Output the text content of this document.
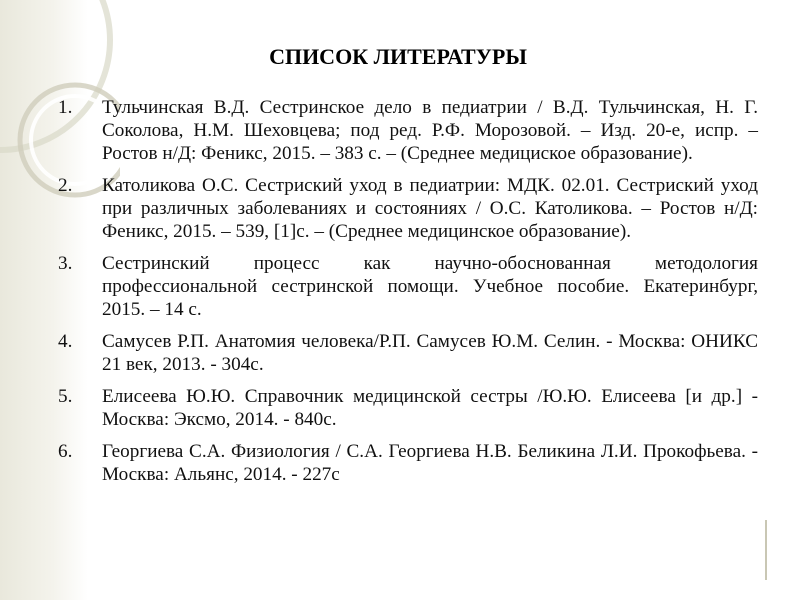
СПИСОК ЛИТЕРАТУРЫ
1.	Тульчинская В.Д. Сестринское дело в педиатрии / В.Д. Тульчинская, Н. Г. Соколова, Н.М. Шеховцева; под ред. Р.Ф. Морозовой. – Изд. 20-е, испр. – Ростов н/Д: Феникс, 2015. – 383 с. – (Среднее медициское образование).
2.	Католикова О.С. Сестриский уход в педиатрии: МДК. 02.01. Сестриский уход при различных заболеваниях и состояниях / О.С. Католикова. – Ростов н/Д: Феникс, 2015. – 539, [1]с. – (Среднее медицинское образование).
3.	Сестринский процесс как научно-обоснованная методология профессиональной сестринской помощи. Учебное пособие. Екатеринбург, 2015. – 14 с.
4.	Самусев Р.П. Анатомия человека/Р.П. Самусев Ю.М. Селин. - Москва: ОНИКС 21 век, 2013. - 304с.
5.	Елисеева Ю.Ю. Справочник медицинской сестры /Ю.Ю. Елисеева [и др.] - Москва: Эксмо, 2014. - 840с.
6.	Георгиева С.А. Физиология / С.А. Георгиева Н.В. Беликина Л.И. Прокофьева. - Москва: Альянс, 2014. - 227с
